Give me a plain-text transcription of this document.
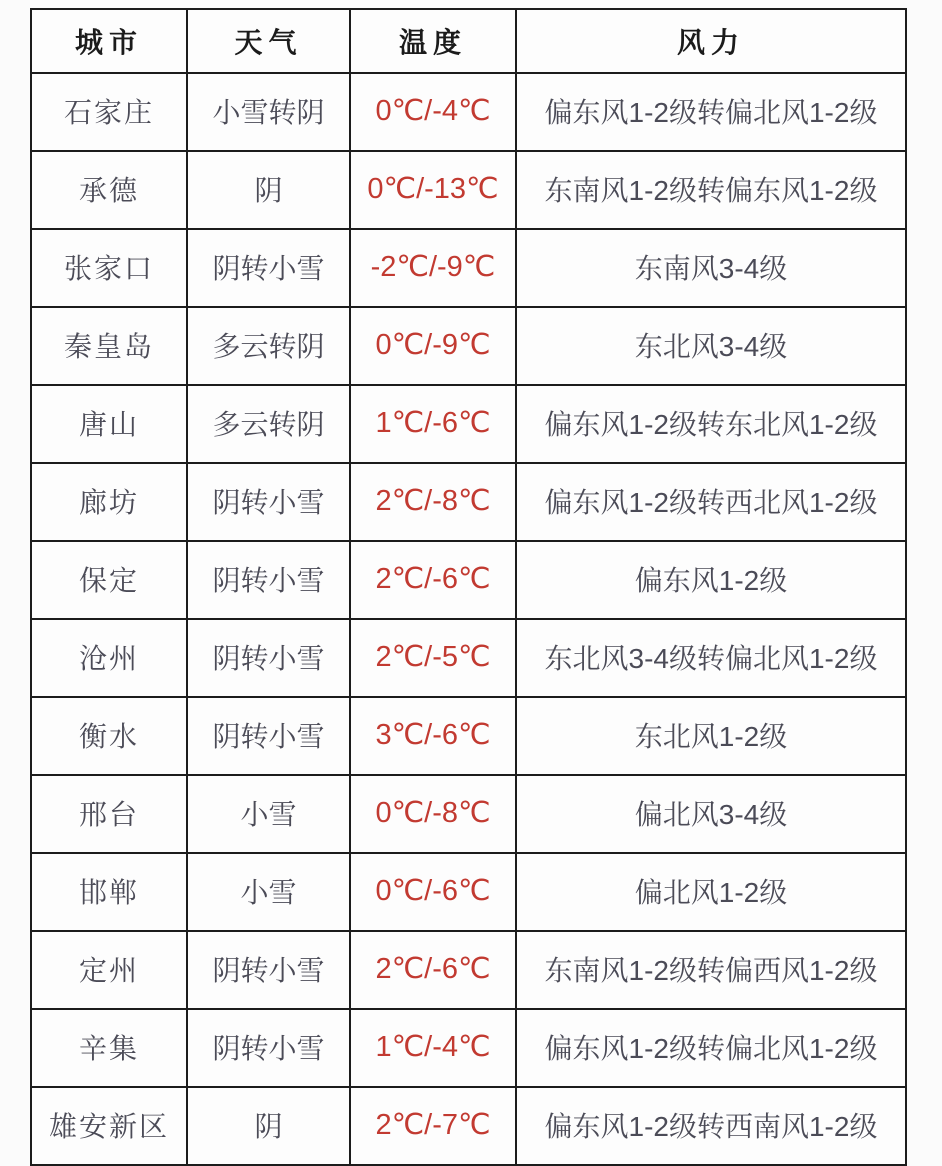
城市	天气	温度	风力
石家庄	小雪转阴	0℃/-4℃	偏东风1-2级转偏北风1-2级
承德	阴	0℃/-13℃	东南风1-2级转偏东风1-2级
张家口	阴转小雪	-2℃/-9℃	东南风3-4级
秦皇岛	多云转阴	0℃/-9℃	东北风3-4级
唐山	多云转阴	1℃/-6℃	偏东风1-2级转东北风1-2级
廊坊	阴转小雪	2℃/-8℃	偏东风1-2级转西北风1-2级
保定	阴转小雪	2℃/-6℃	偏东风1-2级
沧州	阴转小雪	2℃/-5℃	东北风3-4级转偏北风1-2级
衡水	阴转小雪	3℃/-6℃	东北风1-2级
邢台	小雪	0℃/-8℃	偏北风3-4级
邯郸	小雪	0℃/-6℃	偏北风1-2级
定州	阴转小雪	2℃/-6℃	东南风1-2级转偏西风1-2级
辛集	阴转小雪	1℃/-4℃	偏东风1-2级转偏北风1-2级
雄安新区	阴	2℃/-7℃	偏东风1-2级转西南风1-2级
